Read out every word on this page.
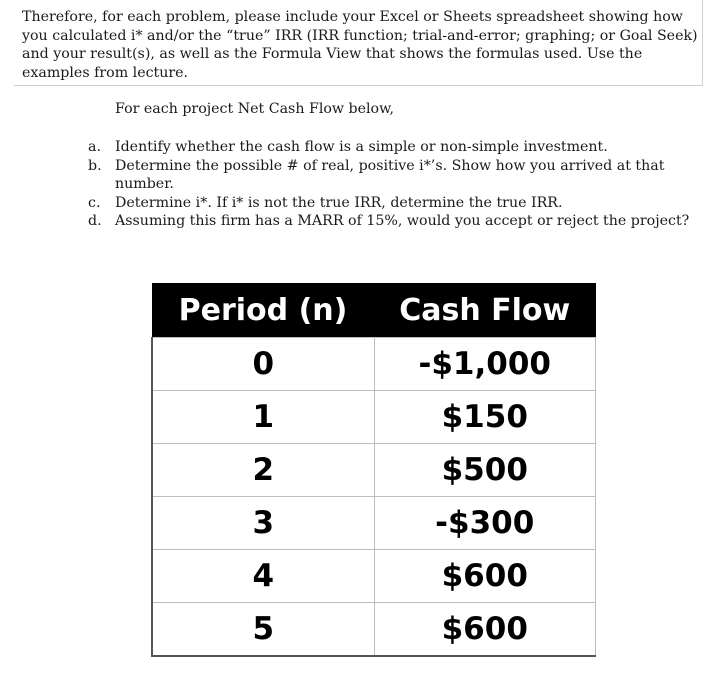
Therefore, for each problem, please include your Excel or Sheets spreadsheet showing how you calculated i* and/or the “true” IRR (IRR function; trial-and-error; graphing; or Goal Seek) and your result(s), as well as the Formula View that shows the formulas used. Use the examples from lecture.

For each project Net Cash Flow below,

a. Identify whether the cash flow is a simple or non-simple investment.
b. Determine the possible # of real, positive i*’s. Show how you arrived at that number.
c. Determine i*. If i* is not the true IRR, determine the true IRR.
d. Assuming this firm has a MARR of 15%, would you accept or reject the project?
Period (n)	Cash Flow
0	-$1,000
1	$150
2	$500
3	-$300
4	$600
5	$600
